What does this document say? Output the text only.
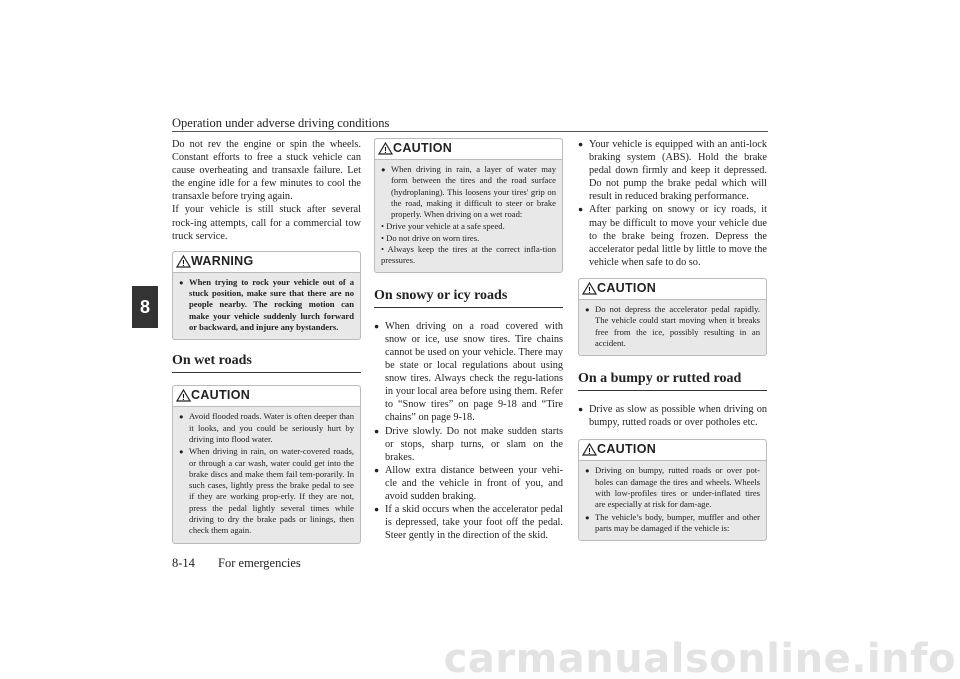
Operation under adverse driving conditions
8

Do not rev the engine or spin the wheels. Constant efforts to free a stuck vehicle can cause overheating and transaxle failure. Let the engine idle for a few minutes to cool the transaxle before trying again.

If your vehicle is still stuck after several rock-ing attempts, call for a commercial tow truck service.

! WARNING
● When trying to rock your vehicle out of a stuck position, make sure that there are no people nearby. The rocking motion can make your vehicle suddenly lurch forward or backward, and injure any bystanders.
On wet roads
! CAUTION
● Avoid flooded roads. Water is often deeper than it looks, and you could be seriously hurt by driving into flood water.
● When driving in rain, on water-covered roads, or through a car wash, water could get into the brake discs and make them fail tem-porarily. In such cases, lightly press the brake pedal to see if they are working prop-erly. If they are not, press the pedal lightly several times while driving to dry the brake pads or linings, then check them again.
! CAUTION
● When driving in rain, a layer of water may form between the tires and the road surface (hydroplaning). This loosens your tires' grip on the road, making it difficult to steer or brake properly. When driving on a wet road:

• Drive your vehicle at a safe speed.

• Do not drive on worn tires.

• Always keep the tires at the correct infla-tion pressures.

On snowy or icy roads
● When driving on a road covered with snow or ice, use snow tires. Tire chains cannot be used on your vehicle. There may be state or local regulations about using snow tires. Always check the regu-lations in your local area before using them. Refer to “Snow tires” on page 9-18 and “Tire chains” on page 9-18.
● Drive slowly. Do not make sudden starts or stops, sharp turns, or slam on the brakes.
● Allow extra distance between your vehi-cle and the vehicle in front of you, and avoid sudden braking.
● If a skid occurs when the accelerator pedal is depressed, take your foot off the pedal. Steer gently in the direction of the skid.
● Your vehicle is equipped with an anti-lock braking system (ABS). Hold the brake pedal down firmly and keep it depressed. Do not pump the brake pedal which will result in reduced braking performance.
● After parking on snowy or icy roads, it may be difficult to move your vehicle due to the brake being frozen. Depress the accelerator pedal little by little to move the vehicle when safe to do so.
! CAUTION
● Do not depress the accelerator pedal rapidly. The vehicle could start moving when it breaks free from the ice, possibly resulting in an accident.
On a bumpy or rutted road
● Drive as slow as possible when driving on bumpy, rutted roads or over potholes etc.
! CAUTION
● Driving on bumpy, rutted roads or over pot-holes can damage the tires and wheels. Wheels with low-profiles tires or under-inflated tires are especially at risk for dam-age.
● The vehicle’s body, bumper, muffler and other parts may be damaged if the vehicle is:
8-14 For emergencies
carmanualsonline.info
